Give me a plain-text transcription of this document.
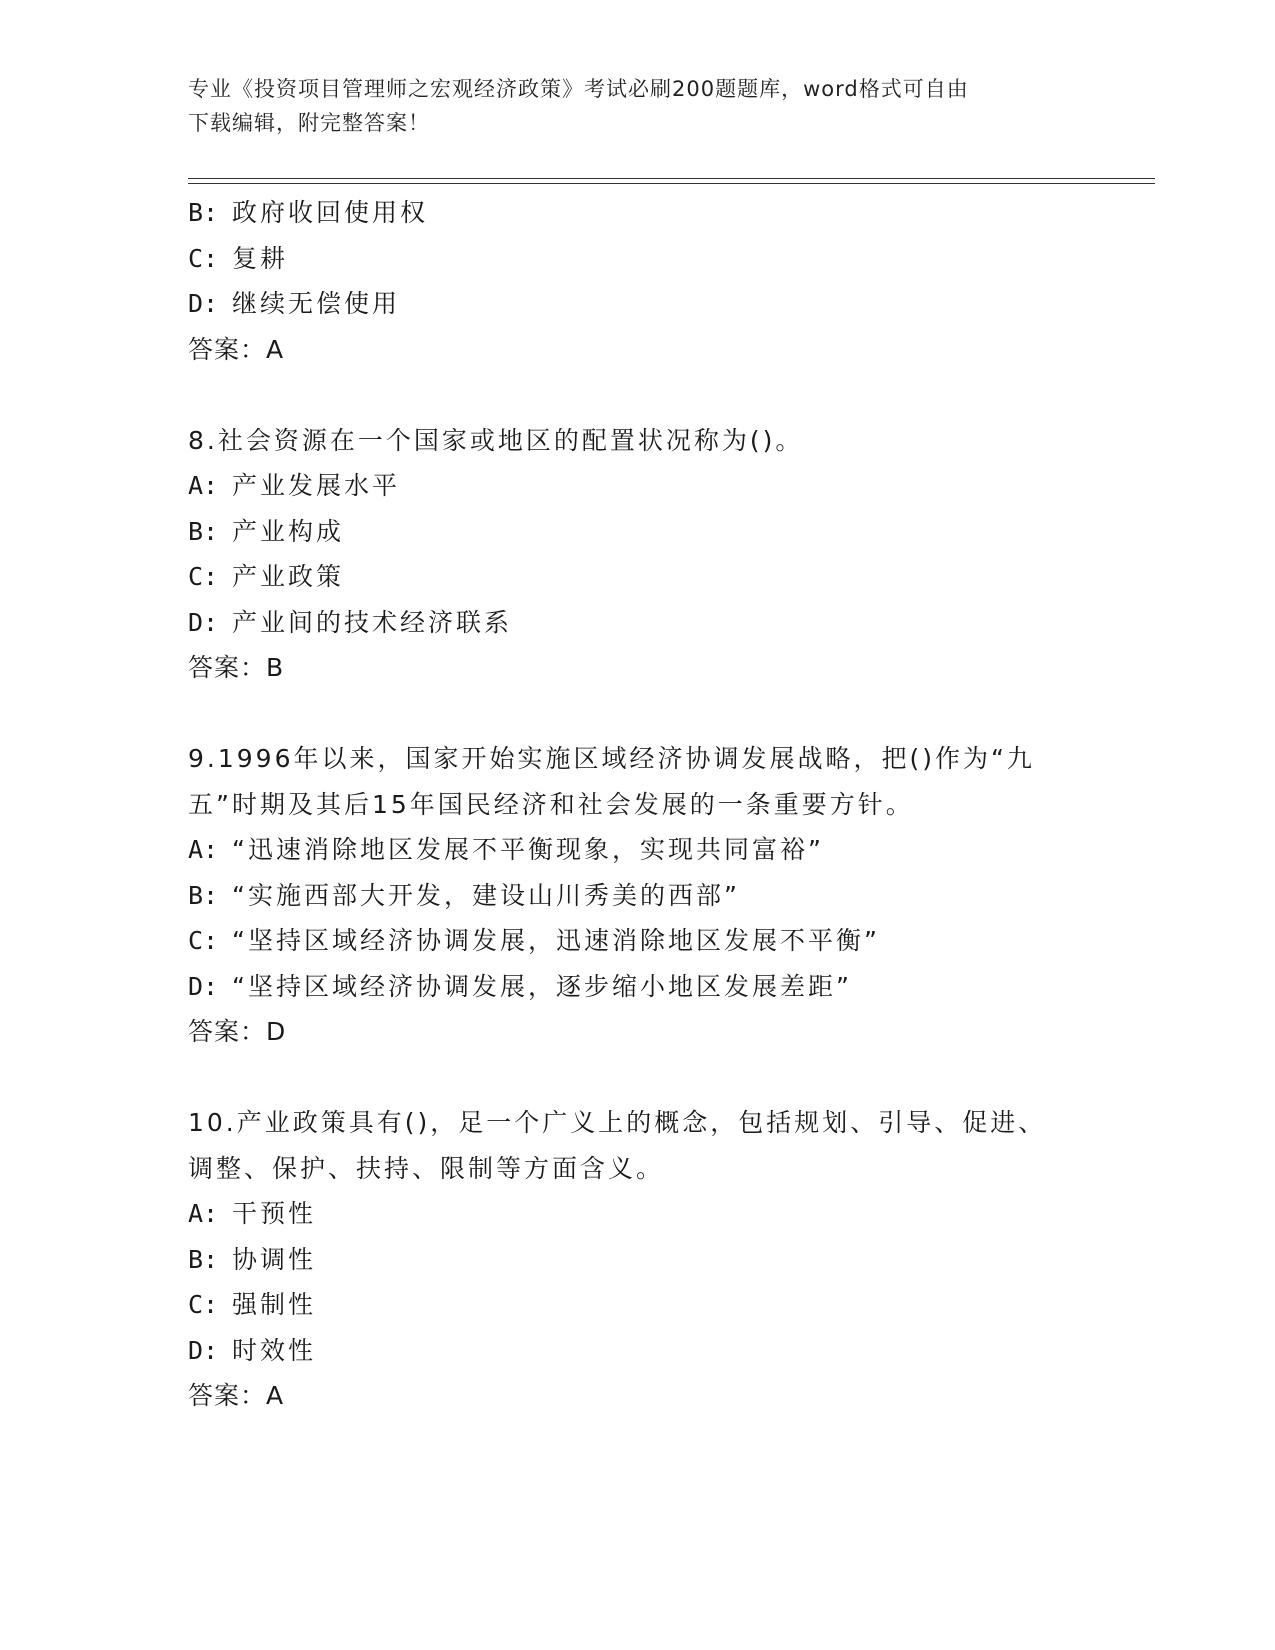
专业《投资项目管理师之宏观经济政策》考试必刷200题题库，word格式可自由
下载编辑，附完整答案！
B: 政府收回使用权
C: 复耕
D: 继续无偿使用
答案：A
8.社会资源在一个国家或地区的配置状况称为()。
A: 产业发展水平
B: 产业构成
C: 产业政策
D: 产业间的技术经济联系
答案：B
9.1996年以来，国家开始实施区域经济协调发展战略，把()作为“九
五”时期及其后15年国民经济和社会发展的一条重要方针。
A: “迅速消除地区发展不平衡现象，实现共同富裕”
B: “实施西部大开发，建设山川秀美的西部”
C: “坚持区域经济协调发展，迅速消除地区发展不平衡”
D: “坚持区域经济协调发展，逐步缩小地区发展差距”
答案：D
10.产业政策具有()，足一个广义上的概念，包括规划、引导、促进、
调整、保护、扶持、限制等方面含义。
A: 干预性
B: 协调性
C: 强制性
D: 时效性
答案：A
